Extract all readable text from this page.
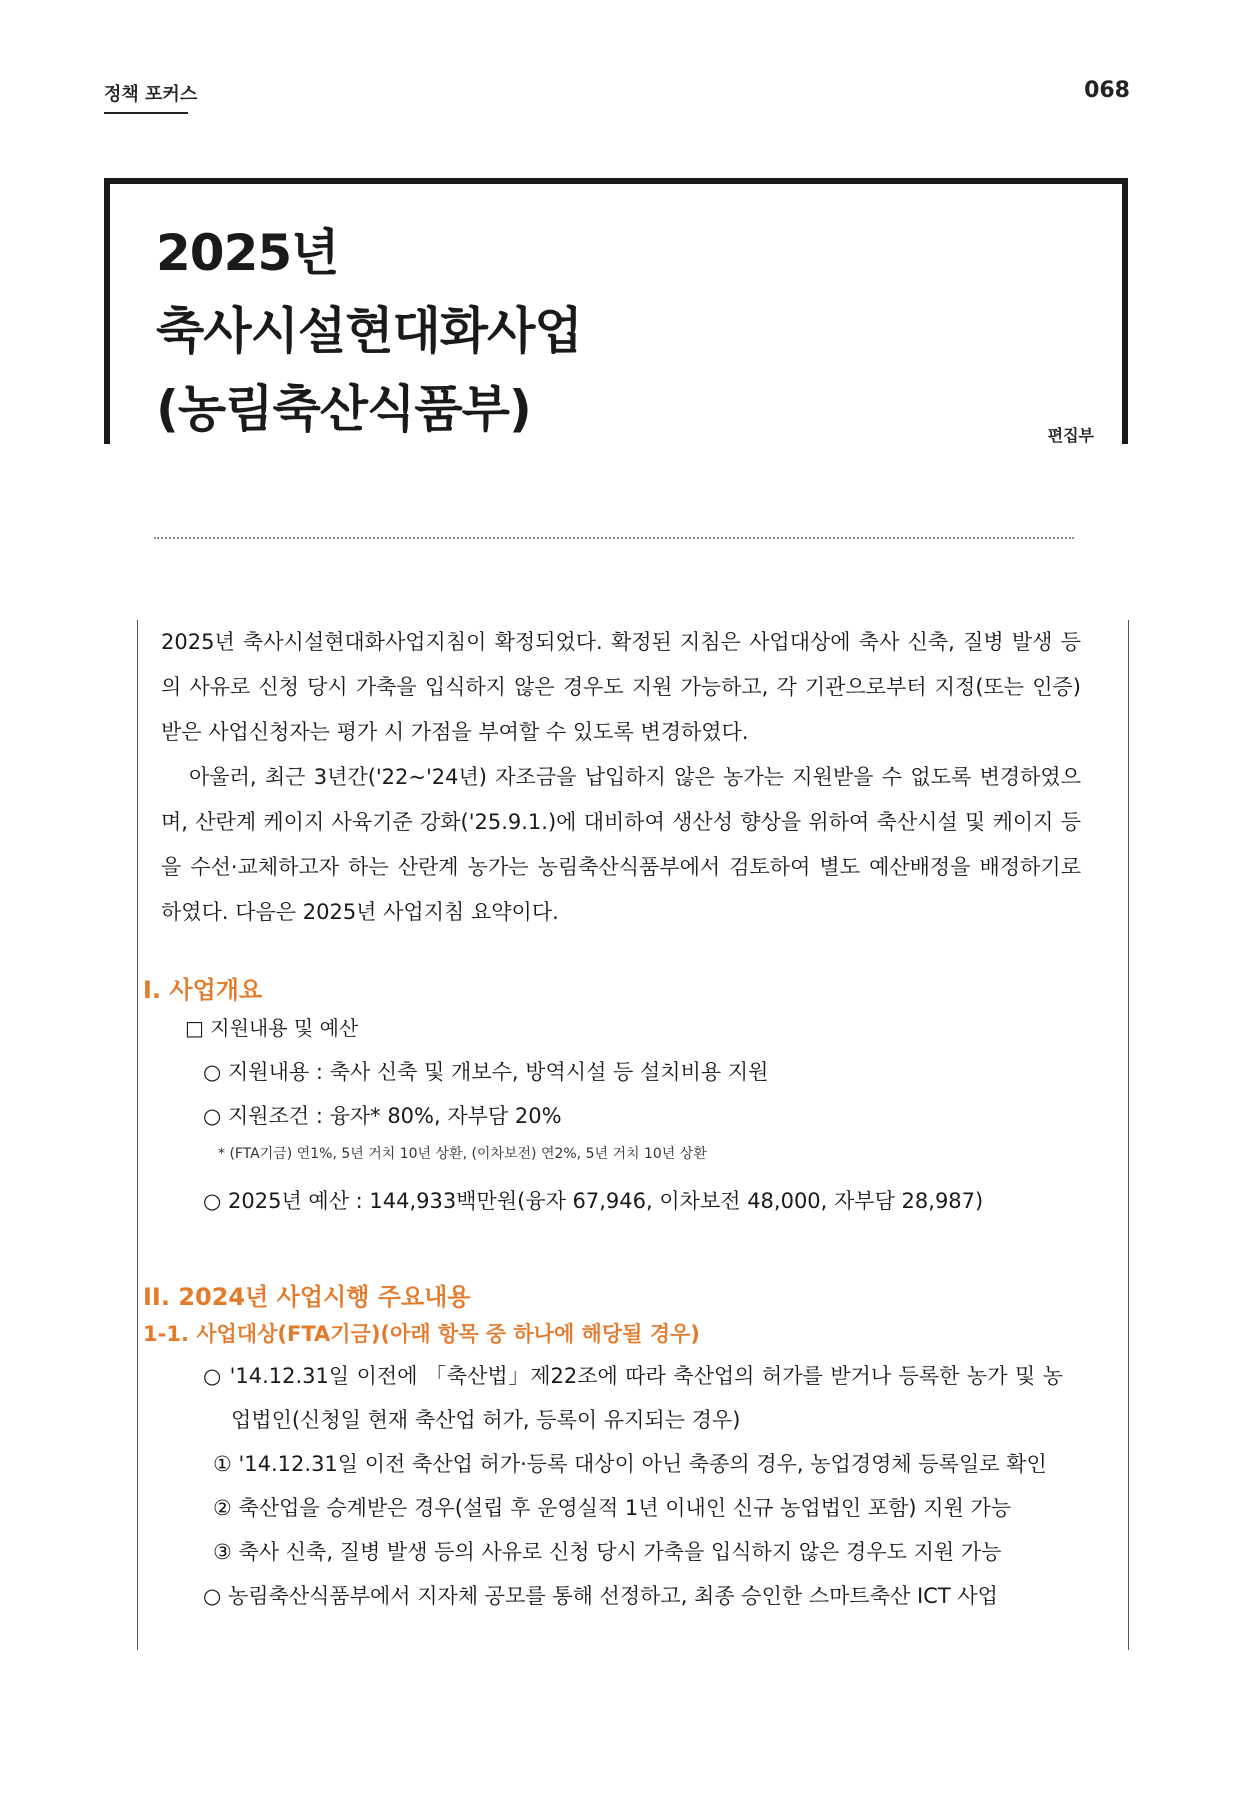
정책 포커스	068
2025년
축사시설현대화사업
(농림축산식품부)	편집부

2025년 축사시설현대화사업지침이 확정되었다. 확정된 지침은 사업대상에 축사 신축, 질병 발생 등의 사유로 신청 당시 가축을 입식하지 않은 경우도 지원 가능하고, 각 기관으로부터 지정(또는 인증)받은 사업신청자는 평가 시 가점을 부여할 수 있도록 변경하였다.

아울러, 최근 3년간('22~'24년) 자조금을 납입하지 않은 농가는 지원받을 수 없도록 변경하였으며, 산란계 케이지 사육기준 강화('25.9.1.)에 대비하여 생산성 향상을 위하여 축산시설 및 케이지 등을 수선·교체하고자 하는 산란계 농가는 농림축산식품부에서 검토하여 별도 예산배정을 배정하기로 하였다. 다음은 2025년 사업지침 요약이다.

I. 사업개요
□ 지원내용 및 예산
○ 지원내용 : 축사 신축 및 개보수, 방역시설 등 설치비용 지원
○ 지원조건 : 융자* 80%, 자부담 20%
* (FTA기금) 연1%, 5년 거치 10년 상환, (이차보전) 연2%, 5년 거치 10년 상환
○ 2025년 예산 : 144,933백만원(융자 67,946, 이차보전 48,000, 자부담 28,987)
II. 2024년 사업시행 주요내용
1-1. 사업대상(FTA기금)(아래 항목 중 하나에 해당될 경우)
○ '14.12.31일 이전에 「축산법」제22조에 따라 축산업의 허가를 받거나 등록한 농가 및 농
업법인(신청일 현재 축산업 허가, 등록이 유지되는 경우)
① '14.12.31일 이전 축산업 허가·등록 대상이 아닌 축종의 경우, 농업경영체 등록일로 확인
② 축산업을 승계받은 경우(설립 후 운영실적 1년 이내인 신규 농업법인 포함) 지원 가능
③ 축사 신축, 질병 발생 등의 사유로 신청 당시 가축을 입식하지 않은 경우도 지원 가능
○ 농림축산식품부에서 지자체 공모를 통해 선정하고, 최종 승인한 스마트축산 ICT 사업
